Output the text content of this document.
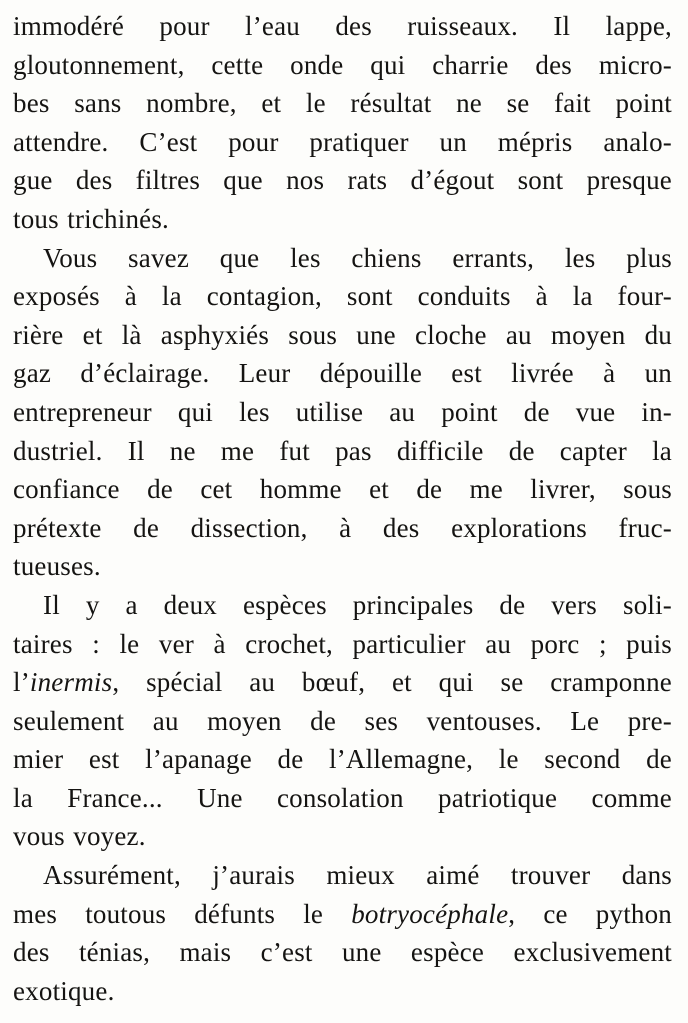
immodéré pour l’eau des ruisseaux. Il lappe,
gloutonnement, cette onde qui charrie des micro-
bes sans nombre, et le résultat ne se fait point
attendre. C’est pour pratiquer un mépris analo-
gue des filtres que nos rats d’égout sont presque
tous trichinés.
Vous savez que les chiens errants, les plus
exposés à la contagion, sont conduits à la four-
rière et là asphyxiés sous une cloche au moyen du
gaz d’éclairage. Leur dépouille est livrée à un
entrepreneur qui les utilise au point de vue in-
dustriel. Il ne me fut pas difficile de capter la
confiance de cet homme et de me livrer, sous
prétexte de dissection, à des explorations fruc-
tueuses.
Il y a deux espèces principales de vers soli-
taires : le ver à crochet, particulier au porc ; puis
l’inermis, spécial au bœuf, et qui se cramponne
seulement au moyen de ses ventouses. Le pre-
mier est l’apanage de l’Allemagne, le second de
la France... Une consolation patriotique comme
vous voyez.
Assurément, j’aurais mieux aimé trouver dans
mes toutous défunts le botryocéphale, ce python
des ténias, mais c’est une espèce exclusivement
exotique.
